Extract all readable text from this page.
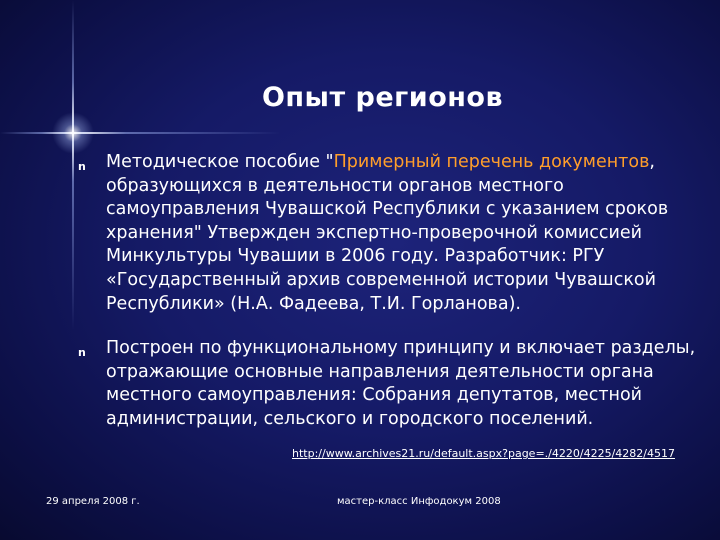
Опыт регионов
n Методическое пособие "Примерный перечень документов,
образующихся в деятельности органов местного
самоуправления Чувашской Республики с указанием сроков
хранения" Утвержден экспертно-проверочной комиссией
Минкультуры Чувашии в 2006 году. Разработчик: РГУ
«Государственный архив современной истории Чувашской
Республики» (Н.А. Фадеева, Т.И. Горланова).
n Построен по функциональному принципу и включает разделы,
отражающие основные направления деятельности органа
местного самоуправления: Собрания депутатов, местной
администрации, сельского и городского поселений.
http://www.archives21.ru/default.aspx?page=./4220/4225/4282/4517
29 апреля 2008 г.	мастер-класс Инфодокум 2008
